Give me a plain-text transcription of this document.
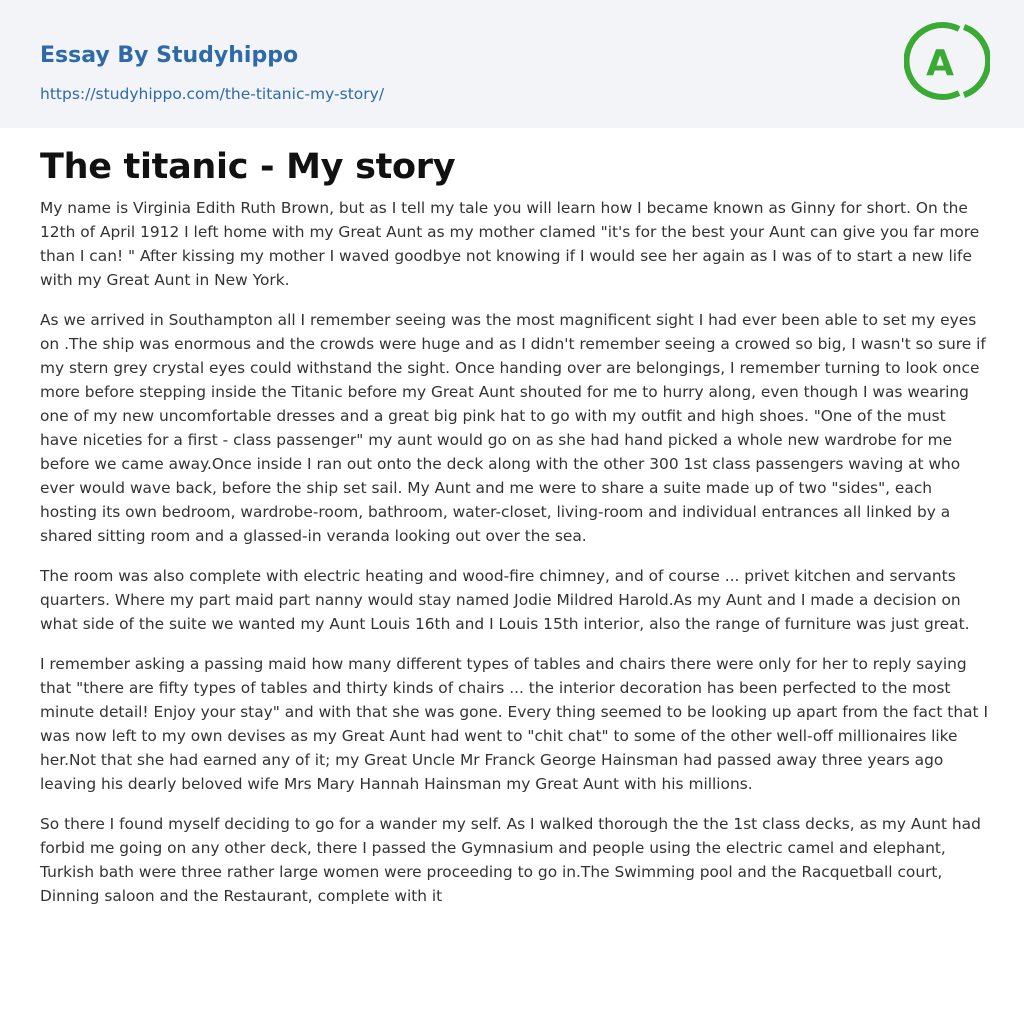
Essay By Studyhippo
https://studyhippo.com/the-titanic-my-story/
A
The titanic - My story

My name is Virginia Edith Ruth Brown, but as I tell my tale you will learn how I became known as Ginny for short. On the 12th of April 1912 I left home with my Great Aunt as my mother clamed "it's for the best your Aunt can give you far more than I can! " After kissing my mother I waved goodbye not knowing if I would see her again as I was of to start a new life with my Great Aunt in New York.

As we arrived in Southampton all I remember seeing was the most magnificent sight I had ever been able to set my eyes on .The ship was enormous and the crowds were huge and as I didn't remember seeing a crowed so big, I wasn't so sure if my stern grey crystal eyes could withstand the sight. Once handing over are belongings, I remember turning to look once more before stepping inside the Titanic before my Great Aunt shouted for me to hurry along, even though I was wearing one of my new uncomfortable dresses and a great big pink hat to go with my outfit and high shoes. "One of the must have niceties for a first - class passenger" my aunt would go on as she had hand picked a whole new wardrobe for me before we came away.Once inside I ran out onto the deck along with the other 300 1st class passengers waving at who ever would wave back, before the ship set sail. My Aunt and me were to share a suite made up of two "sides", each hosting its own bedroom, wardrobe-room, bathroom, water-closet, living-room and individual entrances all linked by a shared sitting room and a glassed-in veranda looking out over the sea.

The room was also complete with electric heating and wood-fire chimney, and of course ... privet kitchen and servants quarters. Where my part maid part nanny would stay named Jodie Mildred Harold.As my Aunt and I made a decision on what side of the suite we wanted my Aunt Louis 16th and I Louis 15th interior, also the range of furniture was just great.

I remember asking a passing maid how many different types of tables and chairs there were only for her to reply saying that "there are fifty types of tables and thirty kinds of chairs ... the interior decoration has been perfected to the most minute detail! Enjoy your stay" and with that she was gone. Every thing seemed to be looking up apart from the fact that I was now left to my own devises as my Great Aunt had went to "chit chat" to some of the other well-off millionaires like her.Not that she had earned any of it; my Great Uncle Mr Franck George Hainsman had passed away three years ago leaving his dearly beloved wife Mrs Mary Hannah Hainsman my Great Aunt with his millions.

So there I found myself deciding to go for a wander my self. As I walked thorough the the 1st class decks, as my Aunt had forbid me going on any other deck, there I passed the Gymnasium and people using the electric camel and elephant, Turkish bath were three rather large women were proceeding to go in.The Swimming pool and the Racquetball court, Dinning saloon and the Restaurant, complete with it
